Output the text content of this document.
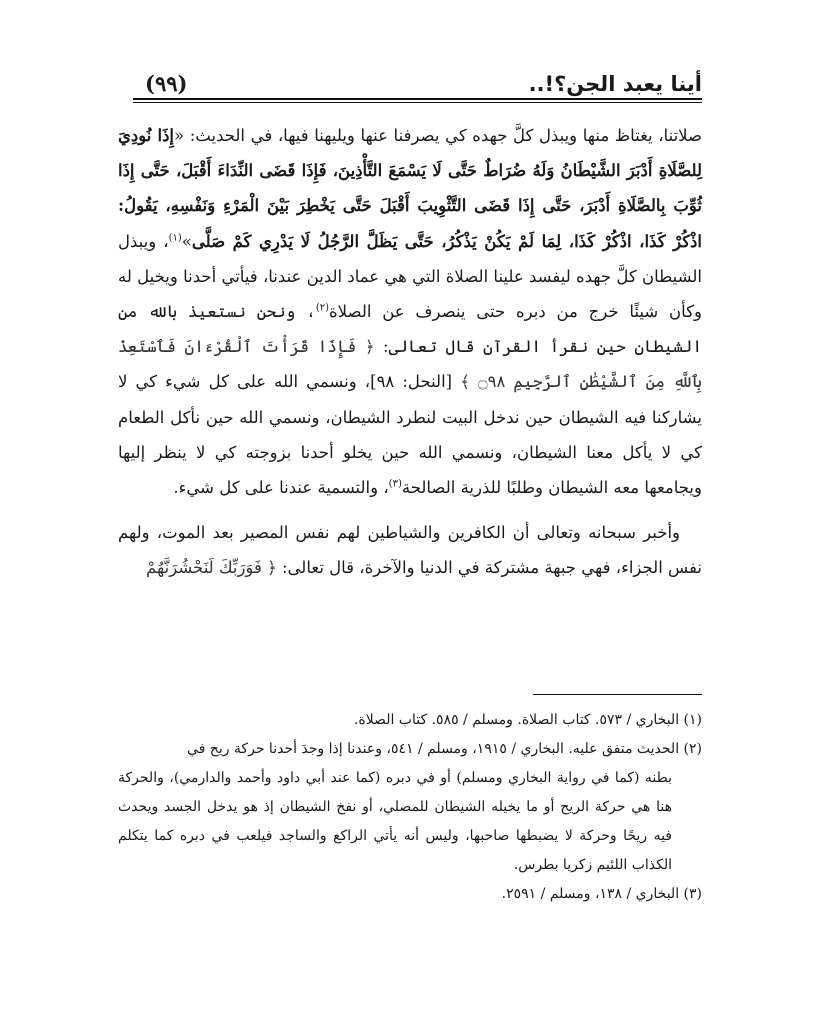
أينا يعبد الجن؟!..
(٩٩)

صلاتنا، يغتاظ منها ويبذل كلَّ جهده كي يصرفنا عنها ويليهنا فيها، في الحديث: «إِذَا نُودِيَ لِلصَّلَاةِ أَدْبَرَ الشَّيْطَانُ وَلَهُ ضُرَاطٌ حَتَّى لَا يَسْمَعَ التَّأْذِينَ، فَإِذَا قَضَى النِّدَاءَ أَقْبَلَ، حَتَّى إِذَا ثُوِّبَ بِالصَّلَاةِ أَدْبَرَ، حَتَّى إِذَا قَضَى التَّثْوِيبَ أَقْبَلَ حَتَّى يَخْطِرَ بَيْنَ الْمَرْءِ وَنَفْسِهِ، يَقُولُ: اذْكُرْ كَذَا، اذْكُرْ كَذَا، لِمَا لَمْ يَكُنْ يَذْكُرُ، حَتَّى يَظَلَّ الرَّجُلُ لَا يَدْرِي كَمْ صَلَّى»$^{(١)}$، ويبذل الشيطان كلَّ جهده ليفسد علينا الصلاة التي هي عماد الدين عندنا، فيأتي أحدنا ويخيل له وكأن شيئًا خرج من دبره حتى ينصرف عن الصلاة$^{(٢)}$، ونحن نستعيذ بالله من الشيطان حين نقرأ القرآن قال تعالى: ﴿ فَإِذَا قَرَأْتَ ٱلْقُرْءَانَ فَٱسْتَعِذْ بِٱللَّهِ مِنَ ٱلشَّيْطَٰنِ ٱلرَّجِيمِ ۝٩٨ ﴾ [النحل: ٩٨]، ونسمي الله على كل شيء كي لا يشاركنا فيه الشيطان حين ندخل البيت لنطرد الشيطان، ونسمي الله حين نأكل الطعام كي لا يأكل معنا الشيطان، ونسمي الله حين يخلو أحدنا بزوجته كي لا ينظر إليها ويجامعها معه الشيطان وطلبًا للذرية الصالحة$^{(٣)}$، والتسمية عندنا على كل شيء.

وأخبر سبحانه وتعالى أن الكافرين والشياطين لهم نفس المصير بعد الموت، ولهم نفس الجزاء، فهي جبهة مشتركة في الدنيا والآخرة، قال تعالى: ﴿ فَوَرَبِّكَ لَنَحْشُرَنَّهُمْ

(١) البخاري / ٥٧٣. كتاب الصلاة. ومسلم / ٥٨٥. كتاب الصلاة.

(٢) الحديث متفق عليه. البخاري / ١٩١٥، ومسلم / ٥٤١، وعندنا إذا وجدَ أحدنا حركة ريح في
بطنه (كما في رواية البخاري ومسلم) أو في دبره (كما عند أبي داود وأحمد والدارمي)، والحركة هنا هي حركة الريح أو ما يخيله الشيطان للمصلي، أو نفخ الشيطان إذ هو يدخل الجسد ويحدث فيه ريحًا وحركة لا يضبطها صاحبها، وليس أنه يأتي الراكع والساجد فيلعب في دبره كما يتكلم الكذاب اللئيم زكريا بطرس.

(٣) البخاري / ١٣٨، ومسلم / ٢٥٩١.
